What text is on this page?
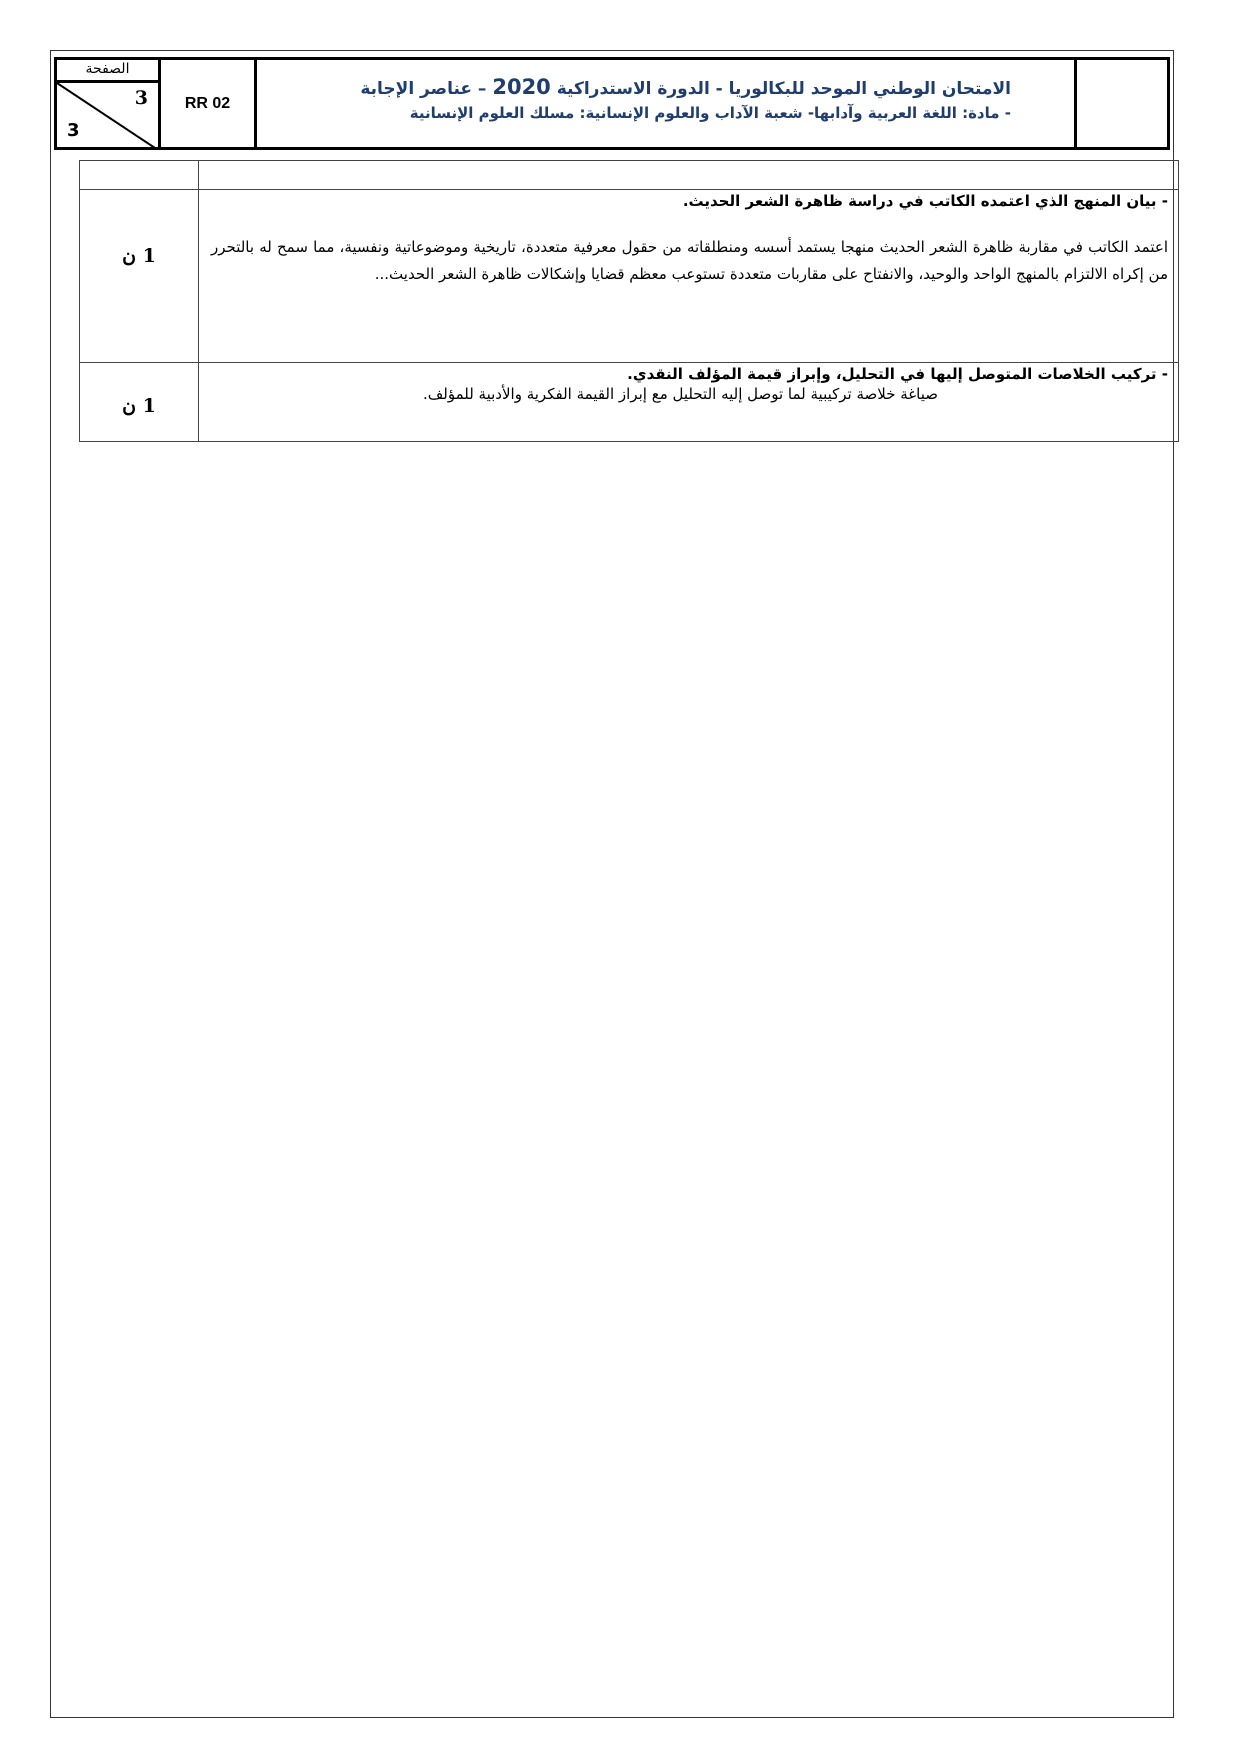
الصفحة
3
3
RR 02
الامتحان الوطني الموحد للبكالوريا - الدورة الاستدراكية 2020 – عناصر الإجابة
- مادة: اللغة العربية وآدابها- شعبة الآداب والعلوم الإنسانية: مسلك العلوم الإنسانية

1 ن	- بيان المنهج الذي اعتمده الكاتب في دراسة ظاهرة الشعر الحديث.
اعتمد الكاتب في مقاربة ظاهرة الشعر الحديث منهجا يستمد أسسه ومنطلقاته من حقول معرفية متعددة، تاريخية وموضوعاتية ونفسية، مما سمح له بالتحرر من إكراه الالتزام بالمنهج الواحد والوحيد، والانفتاح على مقاربات متعددة تستوعب معظم قضايا وإشكالات ظاهرة الشعر الحديث...

1 ن	- تركيب الخلاصات المتوصل إليها في التحليل، وإبراز قيمة المؤلف النقدي.
صياغة خلاصة تركيبية لما توصل إليه التحليل مع إبراز القيمة الفكرية والأدبية للمؤلف.
